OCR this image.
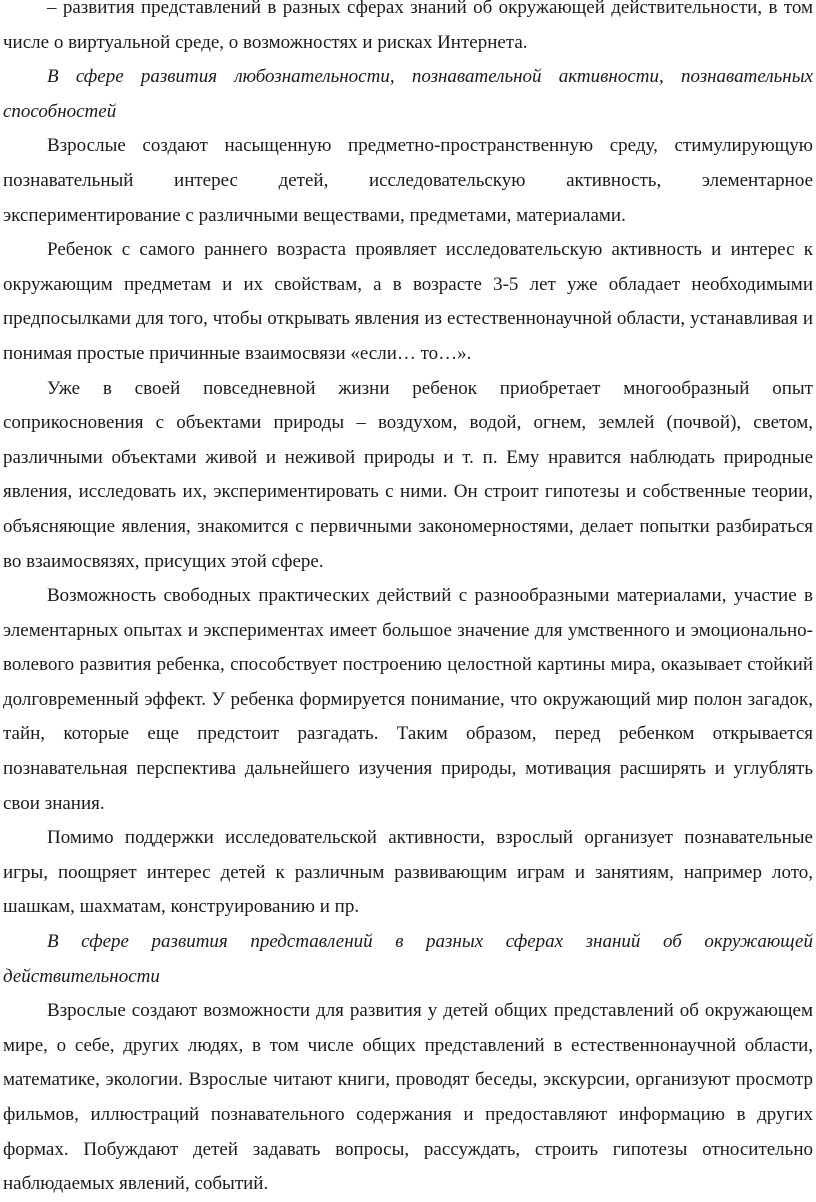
– развития представлений в разных сферах знаний об окружающей действительности, в том числе о виртуальной среде, о возможностях и рисках Интернета.

В сфере развития любознательности, познавательной активности, познавательных способностей

Взрослые создают насыщенную предметно-пространственную среду, стимулирующую познавательный интерес детей, исследовательскую активность, элементарное экспериментирование с различными веществами, предметами, материалами.

Ребенок с самого раннего возраста проявляет исследовательскую активность и интерес к окружающим предметам и их свойствам, а в возрасте 3-5 лет уже обладает необходимыми предпосылками для того, чтобы открывать явления из естественнонаучной области, устанавливая и понимая простые причинные взаимосвязи «если… то…».

Уже в своей повседневной жизни ребенок приобретает многообразный опыт соприкосновения с объектами природы – воздухом, водой, огнем, землей (почвой), светом, различными объектами живой и неживой природы и т. п. Ему нравится наблюдать природные явления, исследовать их, экспериментировать с ними. Он строит гипотезы и собственные теории, объясняющие явления, знакомится с первичными закономерностями, делает попытки разбираться во взаимосвязях, присущих этой сфере.

Возможность свободных практических действий с разнообразными материалами, участие в элементарных опытах и экспериментах имеет большое значение для умственного и эмоционально-волевого развития ребенка, способствует построению целостной картины мира, оказывает стойкий долговременный эффект. У ребенка формируется понимание, что окружающий мир полон загадок, тайн, которые еще предстоит разгадать. Таким образом, перед ребенком открывается познавательная перспектива дальнейшего изучения природы, мотивация расширять и углублять свои знания.

Помимо поддержки исследовательской активности, взрослый организует познавательные игры, поощряет интерес детей к различным развивающим играм и занятиям, например лото, шашкам, шахматам, конструированию и пр.

В сфере развития представлений в разных сферах знаний об окружающей действительности

Взрослые создают возможности для развития у детей общих представлений об окружающем мире, о себе, других людях, в том числе общих представлений в естественнонаучной области, математике, экологии. Взрослые читают книги, проводят беседы, экскурсии, организуют просмотр фильмов, иллюстраций познавательного содержания и предоставляют информацию в других формах. Побуждают детей задавать вопросы, рассуждать, строить гипотезы относительно наблюдаемых явлений, событий.
